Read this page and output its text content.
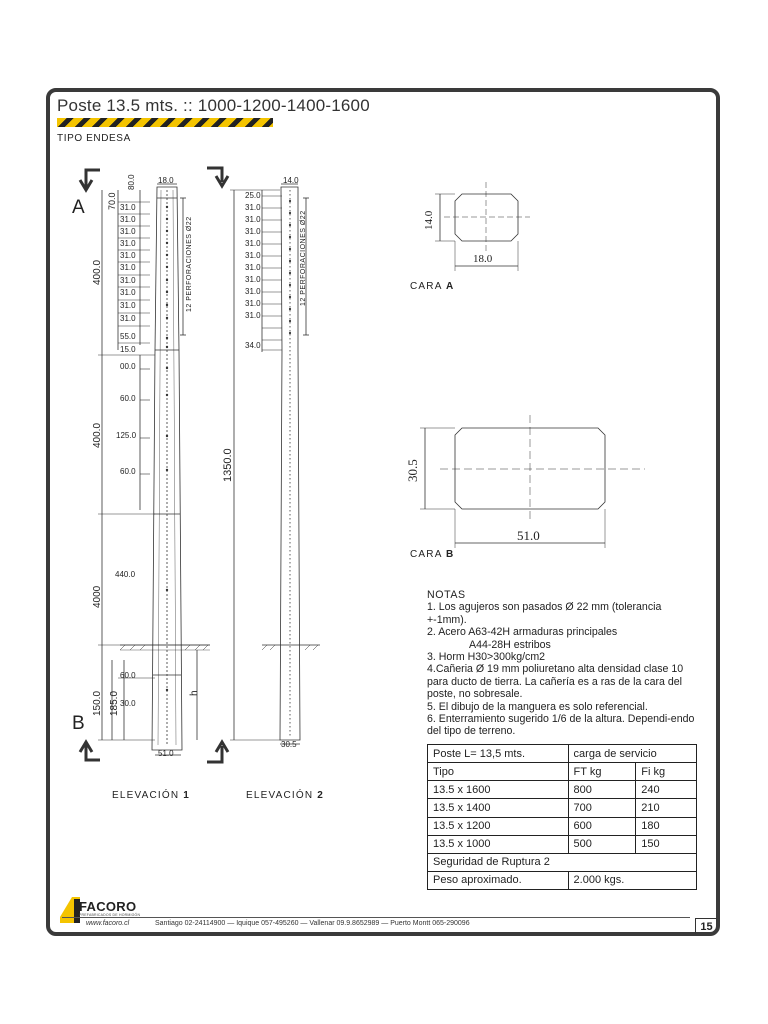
Poste 13.5 mts. :: 1000-1200-1400-1600
TIPO ENDESA
A
B
18.0
80.0
70.0 31.0
31.0
31.0
31.0
31.0
31.0
31.0
31.0
31.0
31.0
55.0
15.0
00.0
60.0
125.0
60.0
440.0
60.0
30.0
400.0
400.0
4000
150.0 185.0	h
12 PERFORACIONES Ø22
51.0
ELEVACIÓN 1
14.0
25.0
31.0
31.0
31.0
31.0
31.0
31.0
31.0
31.0
31.0
31.0
34.0
1350.0
12 PERFORACIONES Ø22
30.5
ELEVACIÓN 2
14.0
18.0
CARA A
30.5
51.0
CARA B

NOTAS

1. Los agujeros son pasados Ø 22 mm (tolerancia +-1mm).

2. Acero A63-42H armaduras principales

A44-28H estribos

3. Horm H30>300kg/cm2

4.Cañeria Ø 19 mm poliuretano alta densidad clase 10 para ducto de tierra. La cañería es a ras de la cara del poste, no sobresale.

5. El dibujo de la manguera es solo referencial.

6. Enterramiento sugerido 1/6 de la altura. Dependi-endo del tipo de terreno.

Poste L= 13,5 mts.	carga de servicio	
Tipo	FT kg	Fi kg
13.5 x 1600	800	240
13.5 x 1400	700	210
13.5 x 1200	600	180
13.5 x 1000	500	150
Seguridad de Ruptura 2		
Peso aproximado.	2.000 kgs.	
FACORO
PREFABRICADOS DE HORMIGÓN
www.facoro.cl	Santiago 02-24114900 — Iquique 057-495260 — Vallenar 09.9.8652989 — Puerto Montt 065-290096	15
